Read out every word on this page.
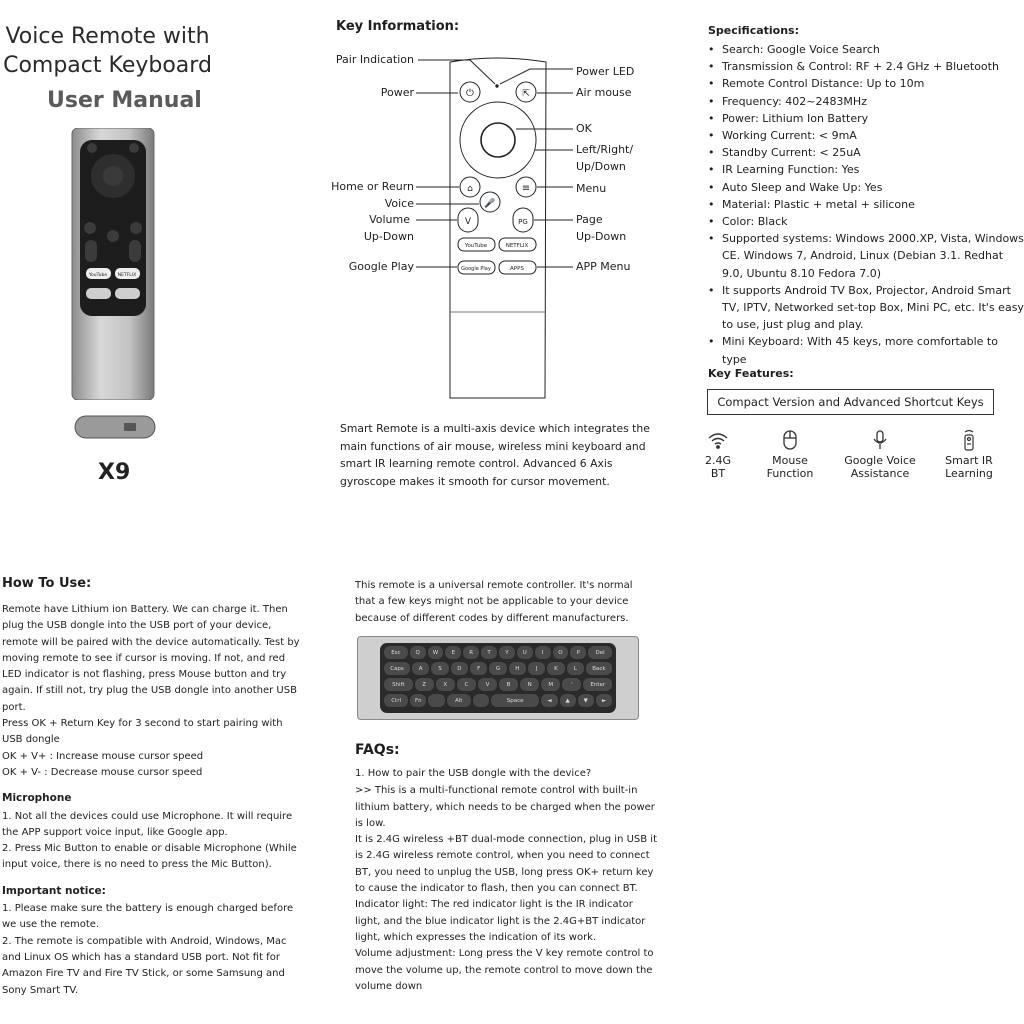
Voice Remote with
Compact Keyboard
User Manual
YouTube NETFLIX
X9
Key Information:
⏻	⇱
⌂	≡
🎤
V	PG
YouTube	NETFLIX
Google Play	APPS
Pair Indication
Power
Home or Reurn
Voice
Volume
Up-Down
Google Play
Power LED
Air mouse
OK
Left/Right/
Up/Down
Menu
Page
Up-Down
APP Menu
Smart Remote is a multi-axis device which integrates the main functions of air mouse, wireless mini keyboard and smart IR learning remote control. Advanced 6 Axis gyroscope makes it smooth for cursor movement.
Specifications:
• Search: Google Voice Search
• Transmission & Control: RF + 2.4 GHz + Bluetooth
• Remote Control Distance: Up to 10m
• Frequency: 402~2483MHz
• Power: Lithium Ion Battery
• Working Current: < 9mA
• Standby Current: < 25uA
• IR Learning Function: Yes
• Auto Sleep and Wake Up: Yes
• Material: Plastic + metal + silicone
• Color: Black
• Supported systems: Windows 2000.XP, Vista, Windows CE. Windows 7, Android, Linux (Debian 3.1. Redhat 9.0, Ubuntu 8.10 Fedora 7.0)
• It supports Android TV Box, Projector, Android Smart TV, IPTV, Networked set-top Box, Mini PC, etc. It's easy to use, just plug and play.
• Mini Keyboard: With 45 keys, more comfortable to type
Key Features:
Compact Version and Advanced Shortcut Keys
2.4G
BT
Mouse
Function
Google Voice
Assistance
Smart IR
Learning
How To Use:

Remote have Lithium ion Battery. We can charge it. Then plug the USB dongle into the USB port of your device, remote will be paired with the device automatically. Test by moving remote to see if cursor is moving. If not, and red LED indicator is not flashing, press Mouse button and try again. If still not, try plug the USB dongle into another USB port.

Press OK + Return Key for 3 second to start pairing with USB dongle

OK + V+ : Increase mouse cursor speed

OK + V- : Decrease mouse cursor speed

Microphone

1. Not all the devices could use Microphone. It will require the APP support voice input, like Google app.

2. Press Mic Button to enable or disable Microphone (While input voice, there is no need to press the Mic Button).

Important notice:

1. Please make sure the battery is enough charged before we use the remote.

2. The remote is compatible with Android, Windows, Mac and Linux OS which has a standard USB port. Not fit for Amazon Fire TV and Fire TV Stick, or some Samsung and Sony Smart TV.

This remote is a universal remote controller. It's normal that a few keys might not be applicable to your device because of different codes by different manufacturers.
Esc	Q	W	E	R	T	Y	U	I	O	P	Del
Caps	A	S	D	F	G	H	J	K	L	Back
Shift	Z	X	C	V	B	N	M	'	Enter
Ctrl	Fn	Alt	Space	◄	▲	▼	►
FAQs:

1. How to pair the USB dongle with the device?

>> This is a multi-functional remote control with built-in lithium battery, which needs to be charged when the power is low.

It is 2.4G wireless +BT dual-mode connection, plug in USB it is 2.4G wireless remote control, when you need to connect BT, you need to unplug the USB, long press OK+ return key to cause the indicator to flash, then you can connect BT.

Indicator light: The red indicator light is the IR indicator light, and the blue indicator light is the 2.4G+BT indicator light, which expresses the indication of its work.

Volume adjustment: Long press the V key remote control to move the volume up, the remote control to move down the volume down
